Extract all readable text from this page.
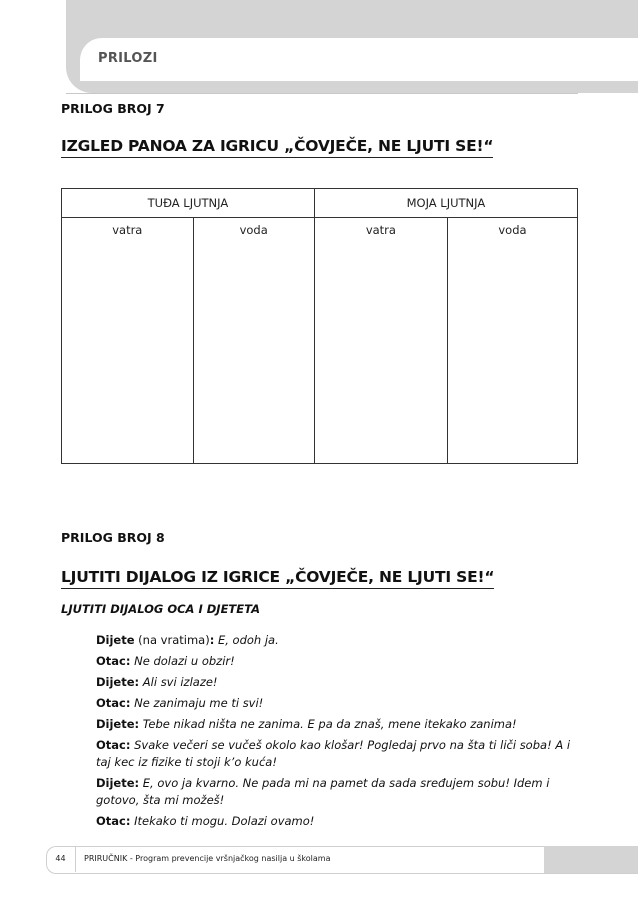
PRILOZI
PRILOG BROJ 7
IZGLED PANOA ZA IGRICU „ČOVJEČE, NE LJUTI SE!“
TUĐA LJUTNJA		MOJA LJUTNJA	
vatra	voda	vatra	voda
PRILOG BROJ 8
LJUTITI DIJALOG IZ IGRICE „ČOVJEČE, NE LJUTI SE!“
LJUTITI DIJALOG OCA I DJETETA
Dijete (na vratima): E, odoh ja.
Otac: Ne dolazi u obzir!
Dijete: Ali svi izlaze!
Otac: Ne zanimaju me ti svi!
Dijete: Tebe nikad ništa ne zanima. E pa da znaš, mene itekako zanima!
Otac: Svake večeri se vučeš okolo kao klošar! Pogledaj prvo na šta ti liči soba! A i taj kec iz fizike ti stoji k’o kuća!
Dijete: E, ovo ja kvarno. Ne pada mi na pamet da sada sređujem sobu! Idem i gotovo, šta mi možeš!
Otac: Itekako ti mogu. Dolazi ovamo!
44	PRIRUČNIK - Program prevencije vršnjačkog nasilja u školama
